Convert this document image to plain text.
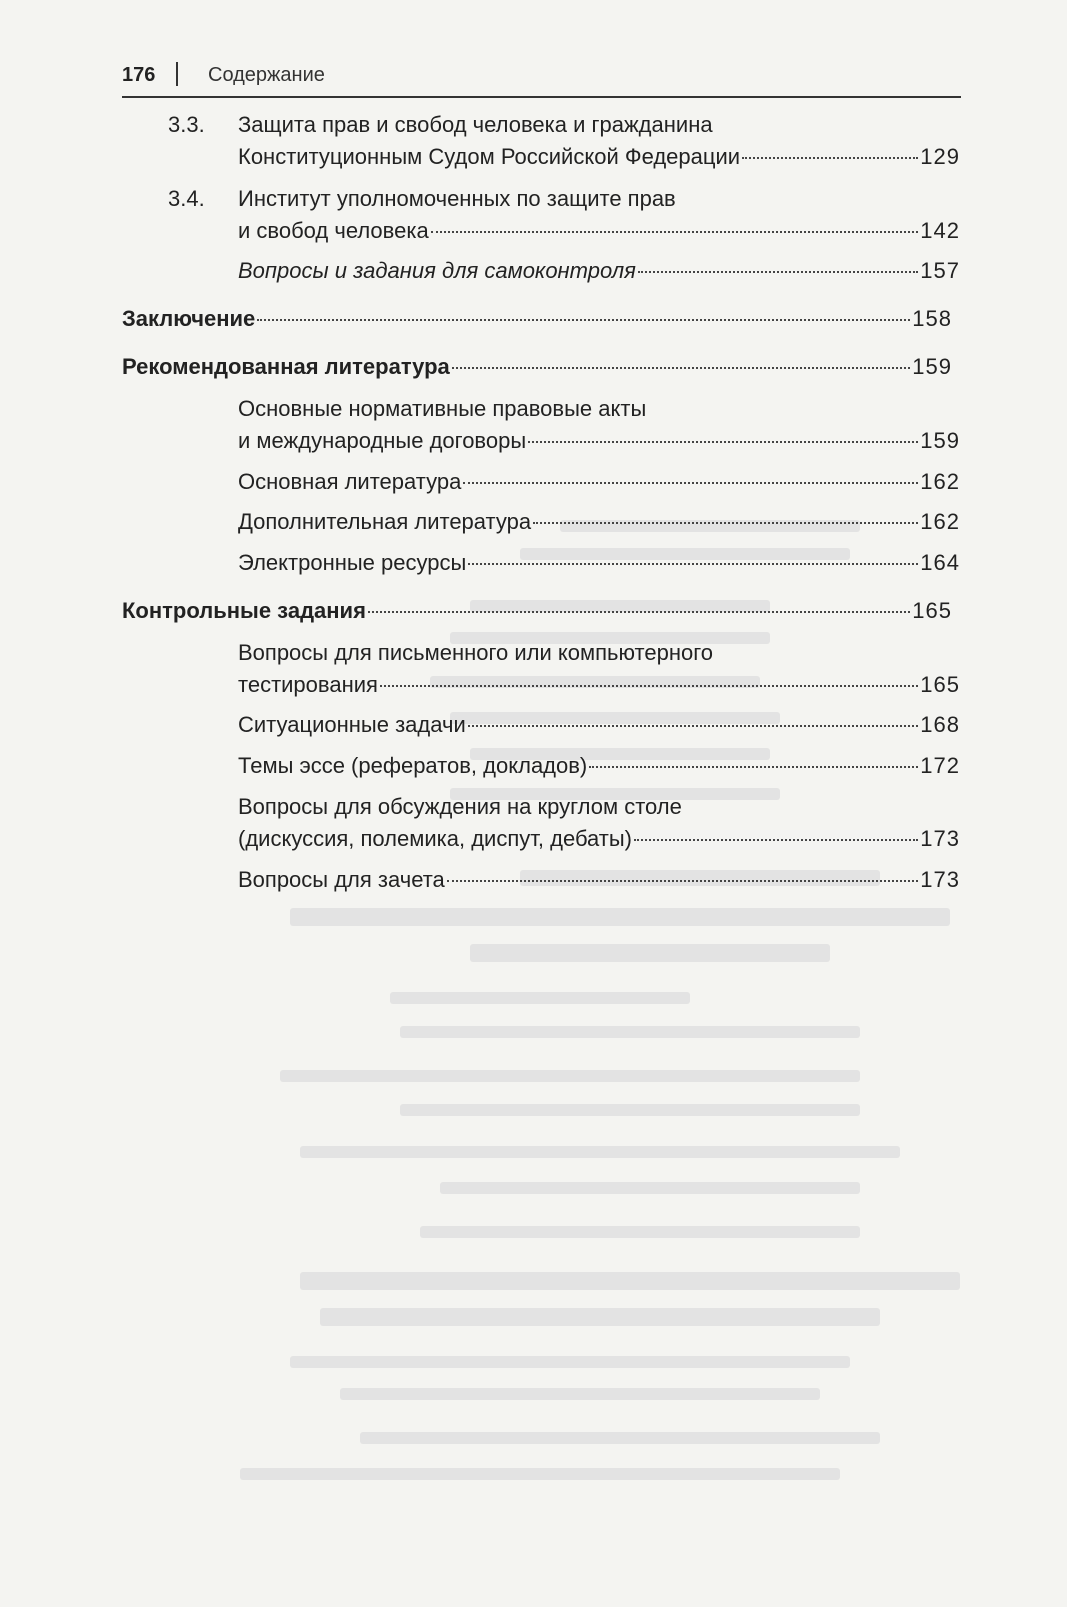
176	Содержание
3.3. Защита прав и свобод человека и гражданина
Конституционным Судом Российской Федерации	129
3.4. Институт уполномоченных по защите прав
и свобод человека	142
Вопросы и задания для самоконтроля	157
Заключение	158
Рекомендованная литература	159
Основные нормативные правовые акты
и международные договоры	159
Основная литература	162
Дополнительная литература	162
Электронные ресурсы	164
Контрольные задания	165
Вопросы для письменного или компьютерного
тестирования	165
Ситуационные задачи	168
Темы эссе (рефератов, докладов)	172
Вопросы для обсуждения на круглом столе
(дискуссия, полемика, диспут, дебаты)	173
Вопросы для зачета	173
